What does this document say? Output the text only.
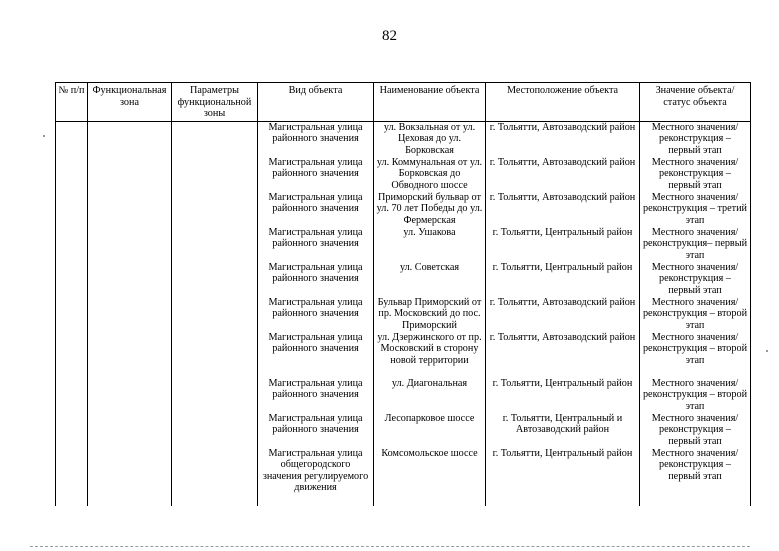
82
№ п/п	Функциональная зона	Параметры функциональной зоны	Вид объекта	Наименование объекта	Местоположение объекта	Значение объекта/статус объекта
			Магистральная улица районного значения	ул. Вокзальная от ул. Цеховая до ул. Борковская	г. Тольятти, Автозаводский район	Местного значения/ реконструкция – первый этап
			Магистральная улица районного значения	ул. Коммунальная от ул. Борковская до Обводного шоссе	г. Тольятти, Автозаводский район	Местного значения/ реконструкция – первый этап
			Магистральная улица районного значения	Приморский бульвар от ул. 70 лет Победы до ул. Фермерская	г. Тольятти, Автозаводский район	Местного значения/ реконструкция – третий этап
			Магистральная улица районного значения	ул. Ушакова	г. Тольятти, Центральный район	Местного значения/ реконструкция– первый этап
			Магистральная улица районного значения	ул. Советская	г. Тольятти, Центральный район	Местного значения/ реконструкция – первый этап
			Магистральная улица районного значения	Бульвар Приморский от пр. Московский до пос. Приморский	г. Тольятти, Автозаводский район	Местного значения/ реконструкция – второй этап
			Магистральная улица районного значения	ул. Дзержинского от пр. Московский в сторону новой территории	г. Тольятти, Автозаводский район	Местного значения/ реконструкция – второй этап
			Магистральная улица районного значения	ул. Диагональная	г. Тольятти, Центральный район	Местного значения/ реконструкция – второй этап
			Магистральная улица районного значения	Лесопарковое шоссе	г. Тольятти, Центральный и Автозаводский район	Местного значения/ реконструкция – первый этап
			Магистральная улица общегородского значения регулируемого движения	Комсомольское шоссе	г. Тольятти, Центральный район	Местного значения/ реконструкция – первый этап
